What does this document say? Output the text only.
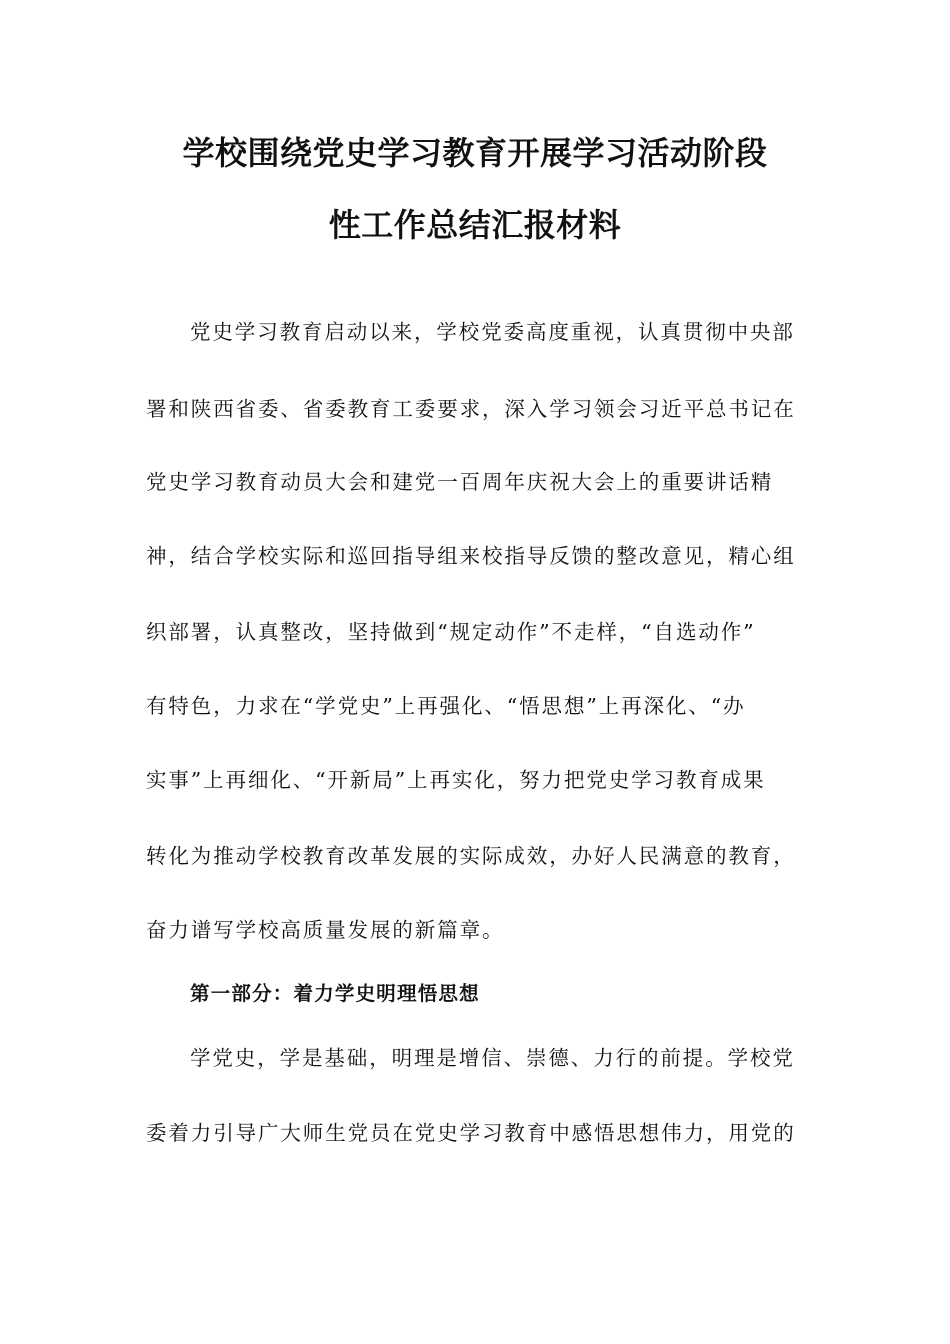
学校围绕党史学习教育开展学习活动阶段
性工作总结汇报材料
党史学习教育启动以来，学校党委高度重视，认真贯彻中央部
署和陕西省委、省委教育工委要求，深入学习领会习近平总书记在
党史学习教育动员大会和建党一百周年庆祝大会上的重要讲话精
神，结合学校实际和巡回指导组来校指导反馈的整改意见，精心组
织部署，认真整改，坚持做到“规定动作”不走样，“自选动作”
有特色，力求在“学党史”上再强化、“悟思想”上再深化、“办
实事”上再细化、“开新局”上再实化，努力把党史学习教育成果
转化为推动学校教育改革发展的实际成效，办好人民满意的教育，
奋力谱写学校高质量发展的新篇章。
第一部分：着力学史明理悟思想
学党史，学是基础，明理是增信、崇德、力行的前提。学校党
委着力引导广大师生党员在党史学习教育中感悟思想伟力，用党的
